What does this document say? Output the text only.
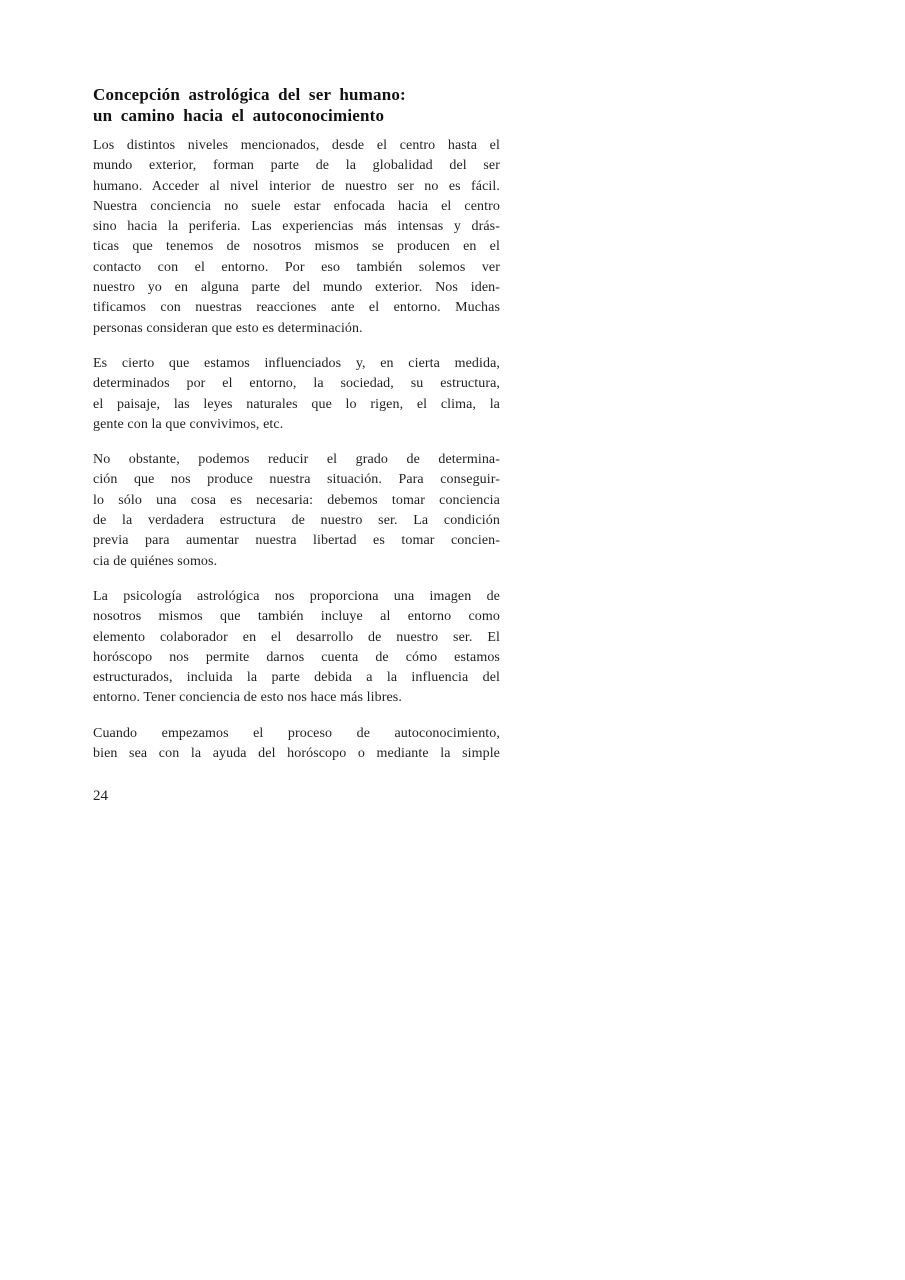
Concepción astrológica del ser humano:
un camino hacia el autoconocimiento
Los distintos niveles mencionados, desde el centro hasta el
mundo exterior, forman parte de la globalidad del ser
humano. Acceder al nivel interior de nuestro ser no es fácil.
Nuestra conciencia no suele estar enfocada hacia el centro
sino hacia la periferia. Las experiencias más intensas y drás-
ticas que tenemos de nosotros mismos se producen en el
contacto con el entorno. Por eso también solemos ver
nuestro yo en alguna parte del mundo exterior. Nos iden-
tificamos con nuestras reacciones ante el entorno. Muchas
personas consideran que esto es determinación.
Es cierto que estamos influenciados y, en cierta medida,
determinados por el entorno, la sociedad, su estructura,
el paisaje, las leyes naturales que lo rigen, el clima, la
gente con la que convivimos, etc.
No obstante, podemos reducir el grado de determina-
ción que nos produce nuestra situación. Para conseguir-
lo sólo una cosa es necesaria: debemos tomar conciencia
de la verdadera estructura de nuestro ser. La condición
previa para aumentar nuestra libertad es tomar concien-
cia de quiénes somos.
La psicología astrológica nos proporciona una imagen de
nosotros mismos que también incluye al entorno como
elemento colaborador en el desarrollo de nuestro ser. El
horóscopo nos permite darnos cuenta de cómo estamos
estructurados, incluida la parte debida a la influencia del
entorno. Tener conciencia de esto nos hace más libres.
Cuando empezamos el proceso de autoconocimiento,
bien sea con la ayuda del horóscopo o mediante la simple
24
